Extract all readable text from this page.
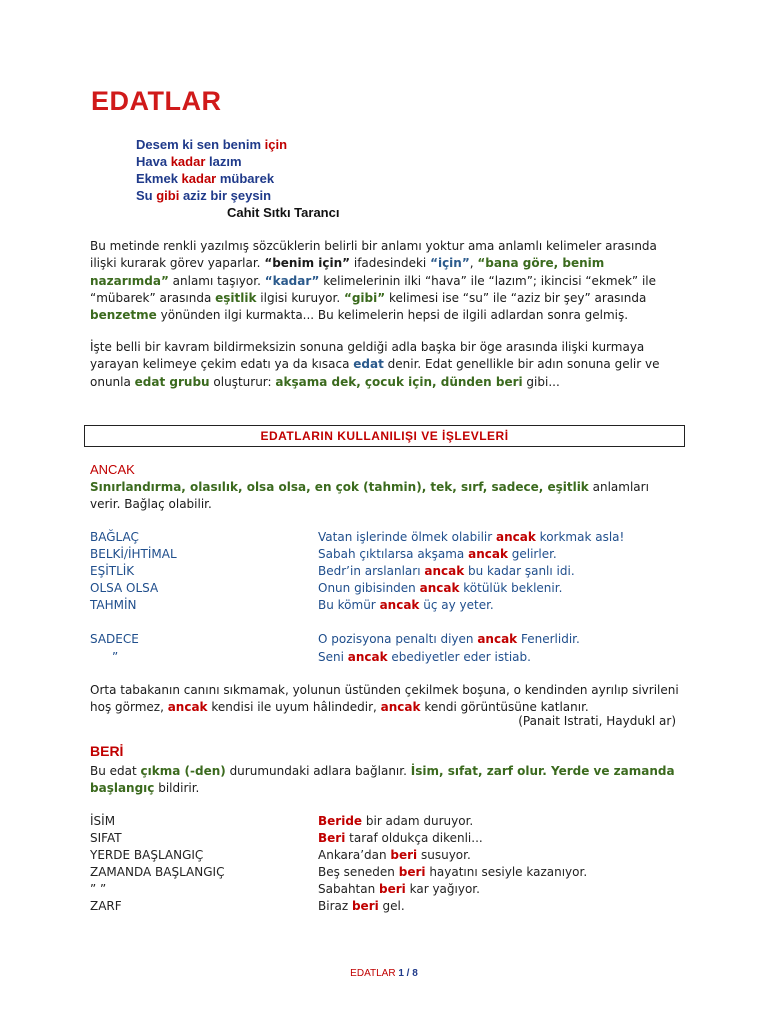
EDATLAR
Desem ki sen benim için
Hava kadar lazım
Ekmek kadar mübarek
Su gibi aziz bir şeysin
Cahit Sıtkı Tarancı
Bu metinde renkli yazılmış sözcüklerin belirli bir anlamı yoktur ama anlamlı kelimeler arasında ilişki kurarak görev yaparlar. “benim için” ifadesindeki “için”, “bana göre, benim nazarımda” anlamı taşıyor. “kadar” kelimelerinin ilki “hava” ile “lazım”; ikincisi “ekmek” ile “mübarek” arasında eşitlik ilgisi kuruyor. “gibi” kelimesi ise “su” ile “aziz bir şey” arasında benzetme yönünden ilgi kurmakta... Bu kelimelerin hepsi de ilgili adlardan sonra gelmiş.
İşte belli bir kavram bildirmeksizin sonuna geldiği adla başka bir öge arasında ilişki kurmaya yarayan kelimeye çekim edatı ya da kısaca edat denir. Edat genellikle bir adın sonuna gelir ve onunla edat grubu oluşturur: akşama dek, çocuk için, dünden beri gibi...
EDATLARIN KULLANILIŞI VE İŞLEVLERİ
ANCAK
Sınırlandırma, olasılık, olsa olsa, en çok (tahmin), tek, sırf, sadece, eşitlik anlamları verir. Bağlaç olabilir.
BAĞLAÇ	Vatan işlerinde ölmek olabilir ancak korkmak asla!
BELKİ/İHTİMAL	Sabah çıktılarsa akşama ancak gelirler.
EŞİTLİK	Bedr’in arslanları ancak bu kadar şanlı idi.
OLSA OLSA	Onun gibisinden ancak kötülük beklenir.
TAHMİN	Bu kömür ancak üç ay yeter.
SADECE	O pozisyona penaltı diyen ancak Fenerlidir.
”	Seni ancak ebediyetler eder istiab.
Orta tabakanın canını sıkmamak, yolunun üstünden çekilmek boşuna, o kendinden ayrılıp sivrileni hoş görmez, ancak kendisi ile uyum hâlindedir, ancak kendi görüntüsüne katlanır.
(Panait Istrati, Haydukl ar)
BERİ
Bu edat çıkma (-den) durumundaki adlara bağlanır. İsim, sıfat, zarf olur. Yerde ve zamanda başlangıç bildirir.
İSİM	Beride bir adam duruyor.
SIFAT	Beri taraf oldukça dikenli...
YERDE BAŞLANGIÇ	Ankara’dan beri susuyor.
ZAMANDA BAŞLANGIÇ	Beş seneden beri hayatını sesiyle kazanıyor.
” ”	Sabahtan beri kar yağıyor.
ZARF	Biraz beri gel.
EDATLAR 1 / 8
